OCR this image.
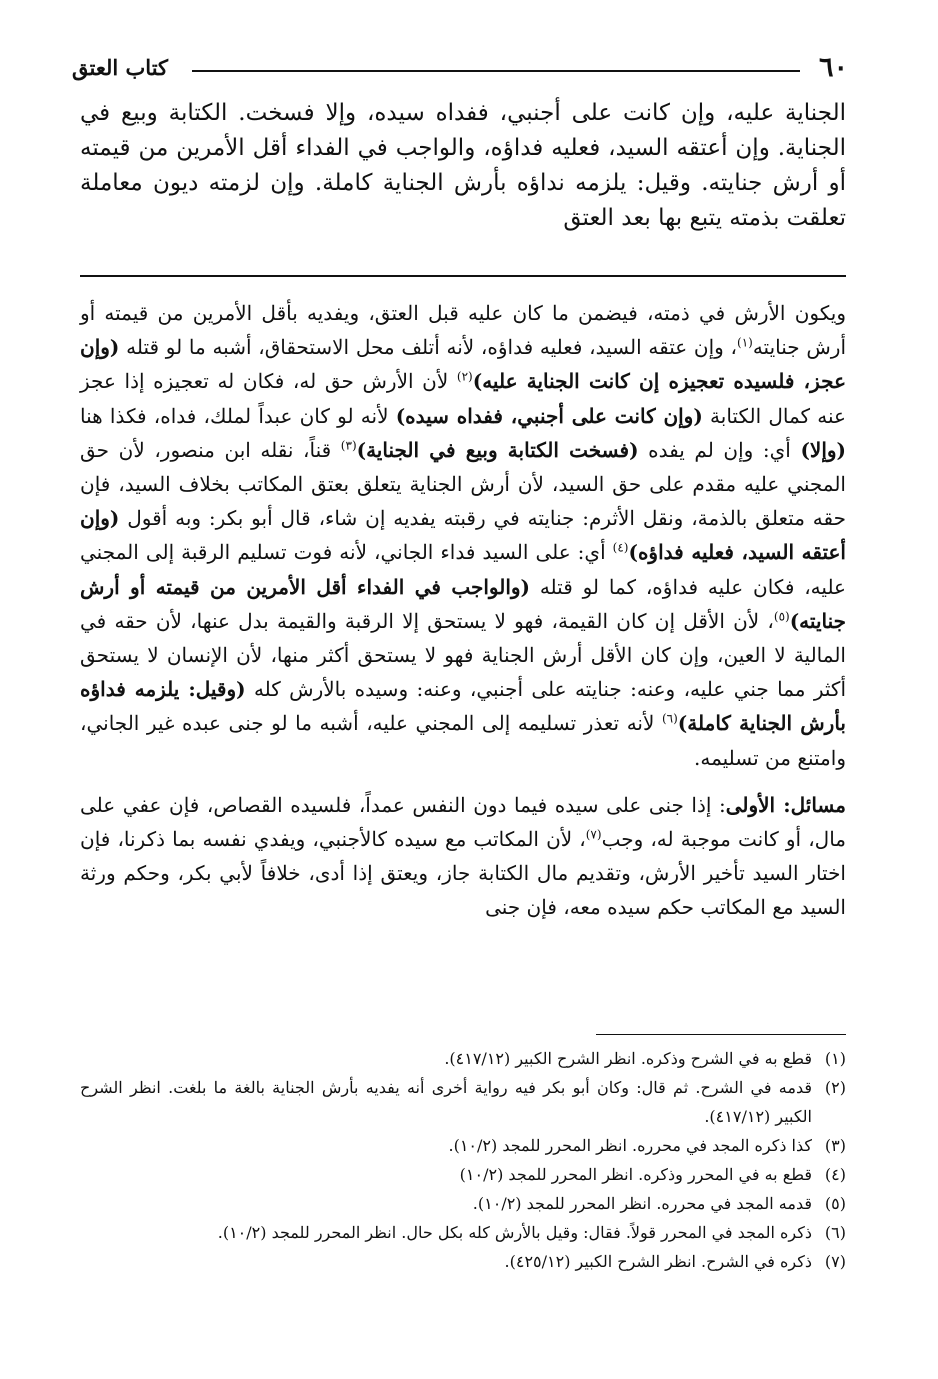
٦٠
كتاب العتق

الجناية عليه، وإن كانت على أجنبي، ففداه سيده، وإلا فسخت. الكتابة وبيع في الجناية. وإن أعتقه السيد، فعليه فداؤه، والواجب في الفداء أقل الأمرين من قيمته أو أرش جنايته. وقيل: يلزمه نداؤه بأرش الجناية كاملة. وإن لزمته ديون معاملة تعلقت بذمته يتبع بها بعد العتق

ويكون الأرش في ذمته، فيضمن ما كان عليه قبل العتق، ويفديه بأقل الأمرين من قيمته أو أرش جنايته$^{(١)}$، وإن عتقه السيد، فعليه فداؤه، لأنه أتلف محل الاستحقاق، أشبه ما لو قتله (وإن عجز، فلسيده تعجيزه إن كانت الجناية عليه)$^{(٢)}$ لأن الأرش حق له، فكان له تعجيزه إذا عجز عنه كمال الكتابة (وإن كانت على أجنبي، ففداه سيده) لأنه لو كان عبداً لملك، فداه، فكذا هنا (وإلا) أي: وإن لم يفده (فسخت الكتابة وبيع في الجناية)$^{(٣)}$ قناً، نقله ابن منصور، لأن حق المجني عليه مقدم على حق السيد، لأن أرش الجناية يتعلق بعتق المكاتب بخلاف السيد، فإن حقه متعلق بالذمة، ونقل الأثرم: جنايته في رقبته يفديه إن شاء، قال أبو بكر: وبه أقول (وإن أعتقه السيد، فعليه فداؤه)$^{(٤)}$ أي: على السيد فداء الجاني، لأنه فوت تسليم الرقبة إلى المجني عليه، فكان عليه فداؤه، كما لو قتله (والواجب في الفداء أقل الأمرين من قيمته أو أرش جنايته)$^{(٥)}$، لأن الأقل إن كان القيمة، فهو لا يستحق إلا الرقبة والقيمة بدل عنها، لأن حقه في المالية لا العين، وإن كان الأقل أرش الجناية فهو لا يستحق أكثر منها، لأن الإنسان لا يستحق أكثر مما جني عليه، وعنه: جنايته على أجنبي، وعنه: وسيده بالأرش كله (وقيل: يلزمه فداؤه بأرش الجناية كاملة)$^{(٦)}$ لأنه تعذر تسليمه إلى المجني عليه، أشبه ما لو جنى عبده غير الجاني، وامتنع من تسليمه.

مسائل: الأولى: إذا جنى على سيده فيما دون النفس عمداً، فلسيده القصاص، فإن عفي على مال، أو كانت موجبة له، وجب$^{(٧)}$، لأن المكاتب مع سيده كالأجنبي، ويفدي نفسه بما ذكرنا، فإن اختار السيد تأخير الأرش، وتقديم مال الكتابة جاز، ويعتق إذا أدى، خلافاً لأبي بكر، وحكم ورثة السيد مع المكاتب حكم سيده معه، فإن جنى

(١)
قطع به في الشرح وذكره. انظر الشرح الكبير (٤١٧/١٢).
(٢)
قدمه في الشرح. ثم قال: وكان أبو بكر فيه رواية أخرى أنه يفديه بأرش الجناية بالغة ما بلغت. انظر الشرح الكبير (٤١٧/١٢).
(٣)
كذا ذكره المجد في محرره. انظر المحرر للمجد (١٠/٢).
(٤)
قطع به في المحرر وذكره. انظر المحرر للمجد (١٠/٢)
(٥)
قدمه المجد في محرره. انظر المحرر للمجد (١٠/٢).
(٦)
ذكره المجد في المحرر قولاً. فقال: وقيل بالأرش كله بكل حال. انظر المحرر للمجد (١٠/٢).
(٧)
ذكره في الشرح. انظر الشرح الكبير (٤٢٥/١٢).
